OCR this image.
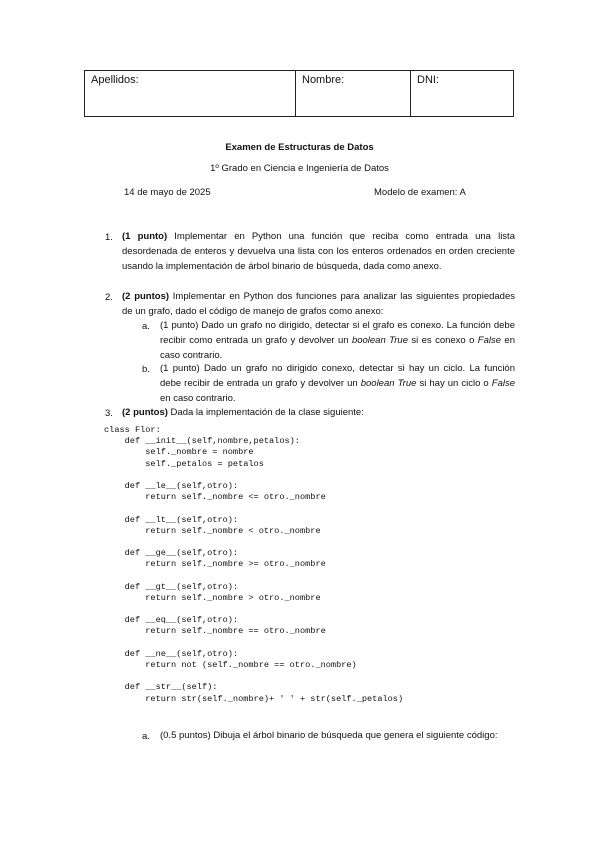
Apellidos:	Nombre:	DNI:
Examen de Estructuras de Datos
1º Grado en Ciencia e Ingeniería de Datos
14 de mayo de 2025	Modelo de examen: A
1. (1 punto) Implementar en Python una función que reciba como entrada una lista desordenada de enteros y devuelva una lista con los enteros ordenados en orden creciente usando la implementación de árbol binario de búsqueda, dada como anexo.
2. (2 puntos) Implementar en Python dos funciones para analizar las siguientes propiedades de un grafo, dado el código de manejo de grafos como anexo:
a. (1 punto) Dado un grafo no dirigido, detectar si el grafo es conexo. La función debe recibir como entrada un grafo y devolver un boolean True si es conexo o False en caso contrario.
b. (1 punto) Dado un grafo no dirigido conexo, detectar si hay un ciclo. La función debe recibir de entrada un grafo y devolver un boolean True si hay un ciclo o False en caso contrario.
3. (2 puntos) Dada la implementación de la clase siguiente:
class Flor:
def __init__(self,nombre,petalos):
self._nombre = nombre
self._petalos = petalos
def __le__(self,otro):
return self._nombre <= otro._nombre
def __lt__(self,otro):
return self._nombre < otro._nombre
def __ge__(self,otro):
return self._nombre >= otro._nombre
def __gt__(self,otro):
return self._nombre > otro._nombre
def __eq__(self,otro):
return self._nombre == otro._nombre
def __ne__(self,otro):
return not (self._nombre == otro._nombre)
def __str__(self):
return str(self._nombre)+ ' ' + str(self._petalos)
a. (0.5 puntos) Dibuja el árbol binario de búsqueda que genera el siguiente código:
